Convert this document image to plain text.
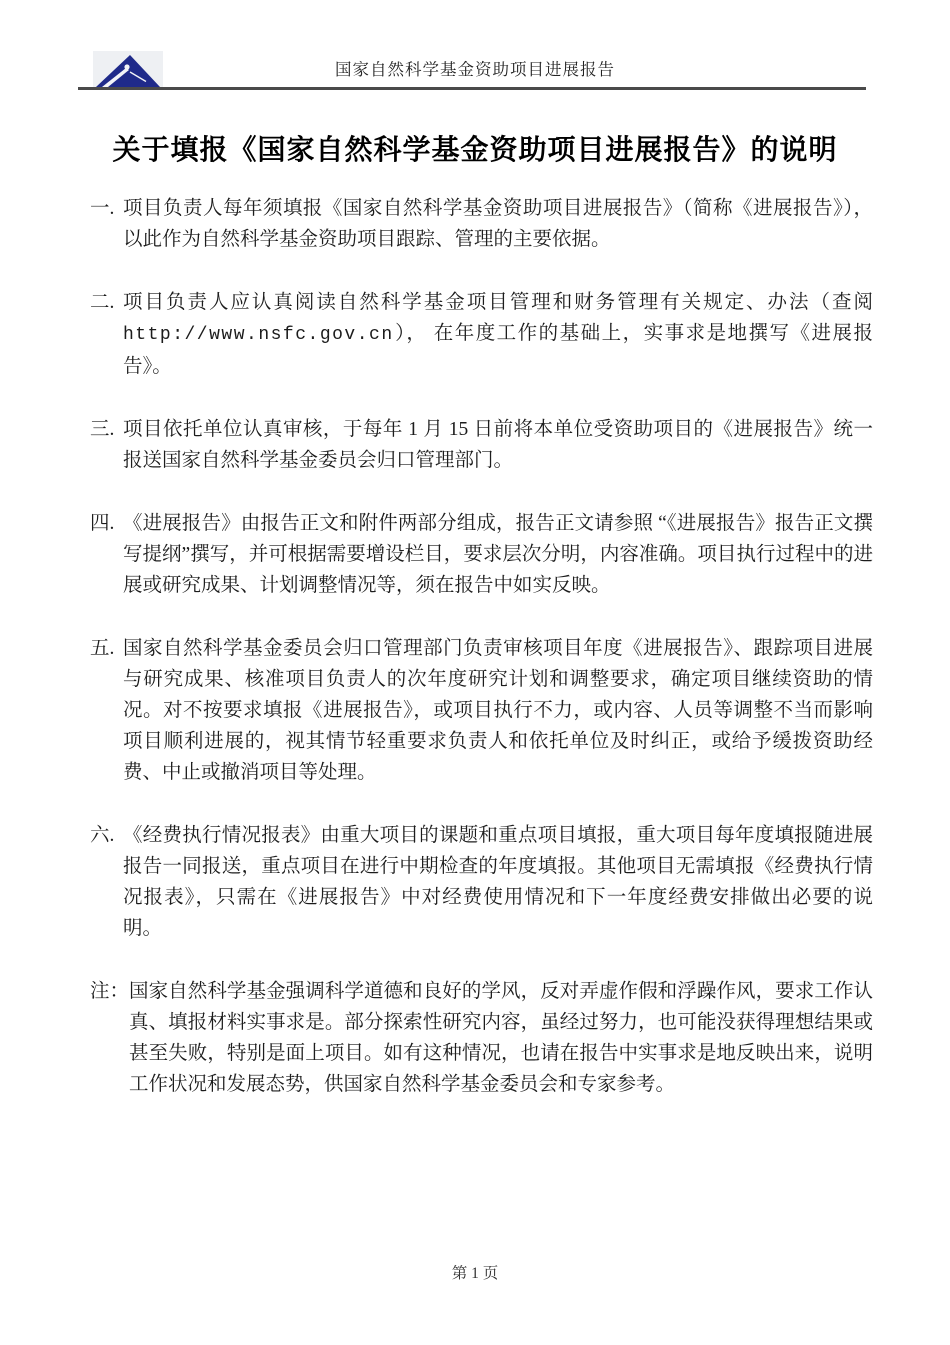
国家自然科学基金资助项目进展报告
关于填报《国家自然科学基金资助项目进展报告》的说明
一. 项目负责人每年须填报《国家自然科学基金资助项目进展报告》（简称《进展报告》），以此作为自然科学基金资助项目跟踪、管理的主要依据。
二. 项目负责人应认真阅读自然科学基金项目管理和财务管理有关规定、办法（查阅 http://www.nsfc.gov.cn）， 在年度工作的基础上，实事求是地撰写《进展报告》。
三. 项目依托单位认真审核，于每年 1 月 15 日前将本单位受资助项目的《进展报告》统一报送国家自然科学基金委员会归口管理部门。
四. 《进展报告》由报告正文和附件两部分组成，报告正文请参照 “《进展报告》报告正文撰写提纲”撰写，并可根据需要增设栏目，要求层次分明，内容准确。项目执行过程中的进展或研究成果、计划调整情况等，须在报告中如实反映。
五. 国家自然科学基金委员会归口管理部门负责审核项目年度《进展报告》、跟踪项目进展与研究成果、核准项目负责人的次年度研究计划和调整要求，确定项目继续资助的情况。对不按要求填报《进展报告》，或项目执行不力，或内容、人员等调整不当而影响项目顺利进展的，视其情节轻重要求负责人和依托单位及时纠正，或给予缓拨资助经费、中止或撤消项目等处理。
六. 《经费执行情况报表》由重大项目的课题和重点项目填报，重大项目每年度填报随进展报告一同报送，重点项目在进行中期检查的年度填报。其他项目无需填报《经费执行情况报表》，只需在《进展报告》中对经费使用情况和下一年度经费安排做出必要的说明。
注： 国家自然科学基金强调科学道德和良好的学风，反对弄虚作假和浮躁作风，要求工作认真、填报材料实事求是。部分探索性研究内容，虽经过努力，也可能没获得理想结果或甚至失败，特别是面上项目。如有这种情况，也请在报告中实事求是地反映出来，说明工作状况和发展态势，供国家自然科学基金委员会和专家参考。
第 1 页
